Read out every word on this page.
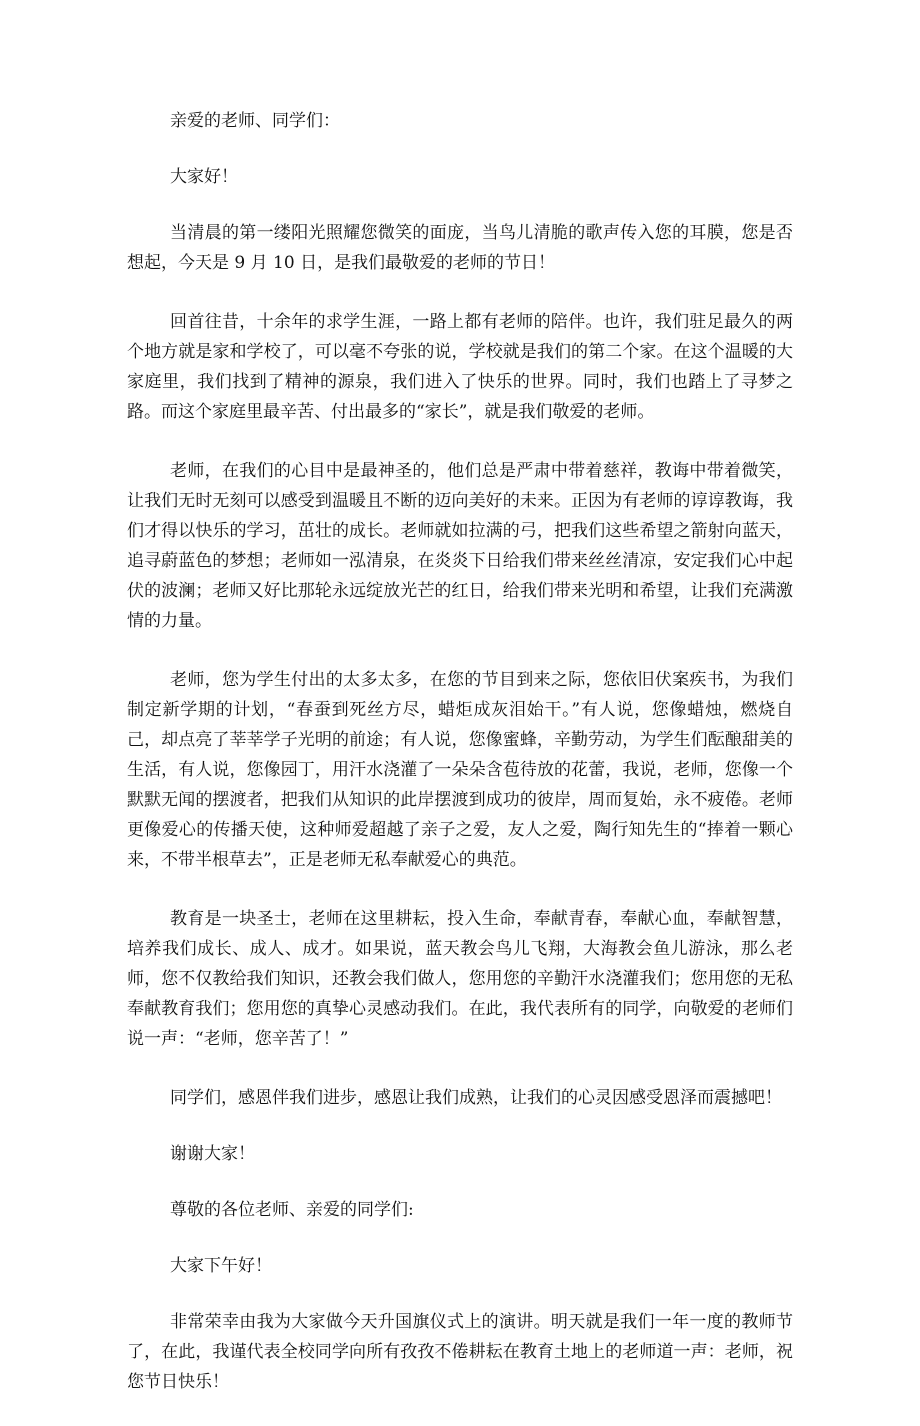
亲爱的老师、同学们：

大家好！

当清晨的第一缕阳光照耀您微笑的面庞，当鸟儿清脆的歌声传入您的耳膜，您是否想起，今天是 9 月 10 日，是我们最敬爱的老师的节日！

回首往昔，十余年的求学生涯，一路上都有老师的陪伴。也许，我们驻足最久的两个地方就是家和学校了，可以毫不夸张的说，学校就是我们的第二个家。在这个温暖的大家庭里，我们找到了精神的源泉，我们进入了快乐的世界。同时，我们也踏上了寻梦之路。而这个家庭里最辛苦、付出最多的“家长”，就是我们敬爱的老师。

老师，在我们的心目中是最神圣的，他们总是严肃中带着慈祥，教诲中带着微笑，让我们无时无刻可以感受到温暖且不断的迈向美好的未来。正因为有老师的谆谆教诲，我们才得以快乐的学习，茁壮的成长。老师就如拉满的弓，把我们这些希望之箭射向蓝天，追寻蔚蓝色的梦想；老师如一泓清泉，在炎炎下日给我们带来丝丝清凉，安定我们心中起伏的波澜；老师又好比那轮永远绽放光芒的红日，给我们带来光明和希望，让我们充满激情的力量。

老师，您为学生付出的太多太多，在您的节目到来之际，您依旧伏案疾书，为我们制定新学期的计划，“春蚕到死丝方尽，蜡炬成灰泪始干。”有人说，您像蜡烛，燃烧自己，却点亮了莘莘学子光明的前途；有人说，您像蜜蜂，辛勤劳动，为学生们酝酿甜美的生活，有人说，您像园丁，用汗水浇灌了一朵朵含苞待放的花蕾，我说，老师，您像一个默默无闻的摆渡者，把我们从知识的此岸摆渡到成功的彼岸，周而复始，永不疲倦。老师更像爱心的传播天使，这种师爱超越了亲子之爱，友人之爱，陶行知先生的“捧着一颗心来，不带半根草去”，正是老师无私奉献爱心的典范。

教育是一块圣士，老师在这里耕耘，投入生命，奉献青春，奉献心血，奉献智慧，培养我们成长、成人、成才。如果说，蓝天教会鸟儿飞翔，大海教会鱼儿游泳，那么老师，您不仅教给我们知识，还教会我们做人，您用您的辛勤汗水浇灌我们；您用您的无私奉献教育我们；您用您的真挚心灵感动我们。在此，我代表所有的同学，向敬爱的老师们说一声：“老师，您辛苦了！”

同学们，感恩伴我们进步，感恩让我们成熟，让我们的心灵因感受恩泽而震撼吧！

谢谢大家！

尊敬的各位老师、亲爱的同学们:

大家下午好！

非常荣幸由我为大家做今天升国旗仪式上的演讲。明天就是我们一年一度的教师节了，在此，我谨代表全校同学向所有孜孜不倦耕耘在教育土地上的老师道一声：老师，祝您节日快乐！
